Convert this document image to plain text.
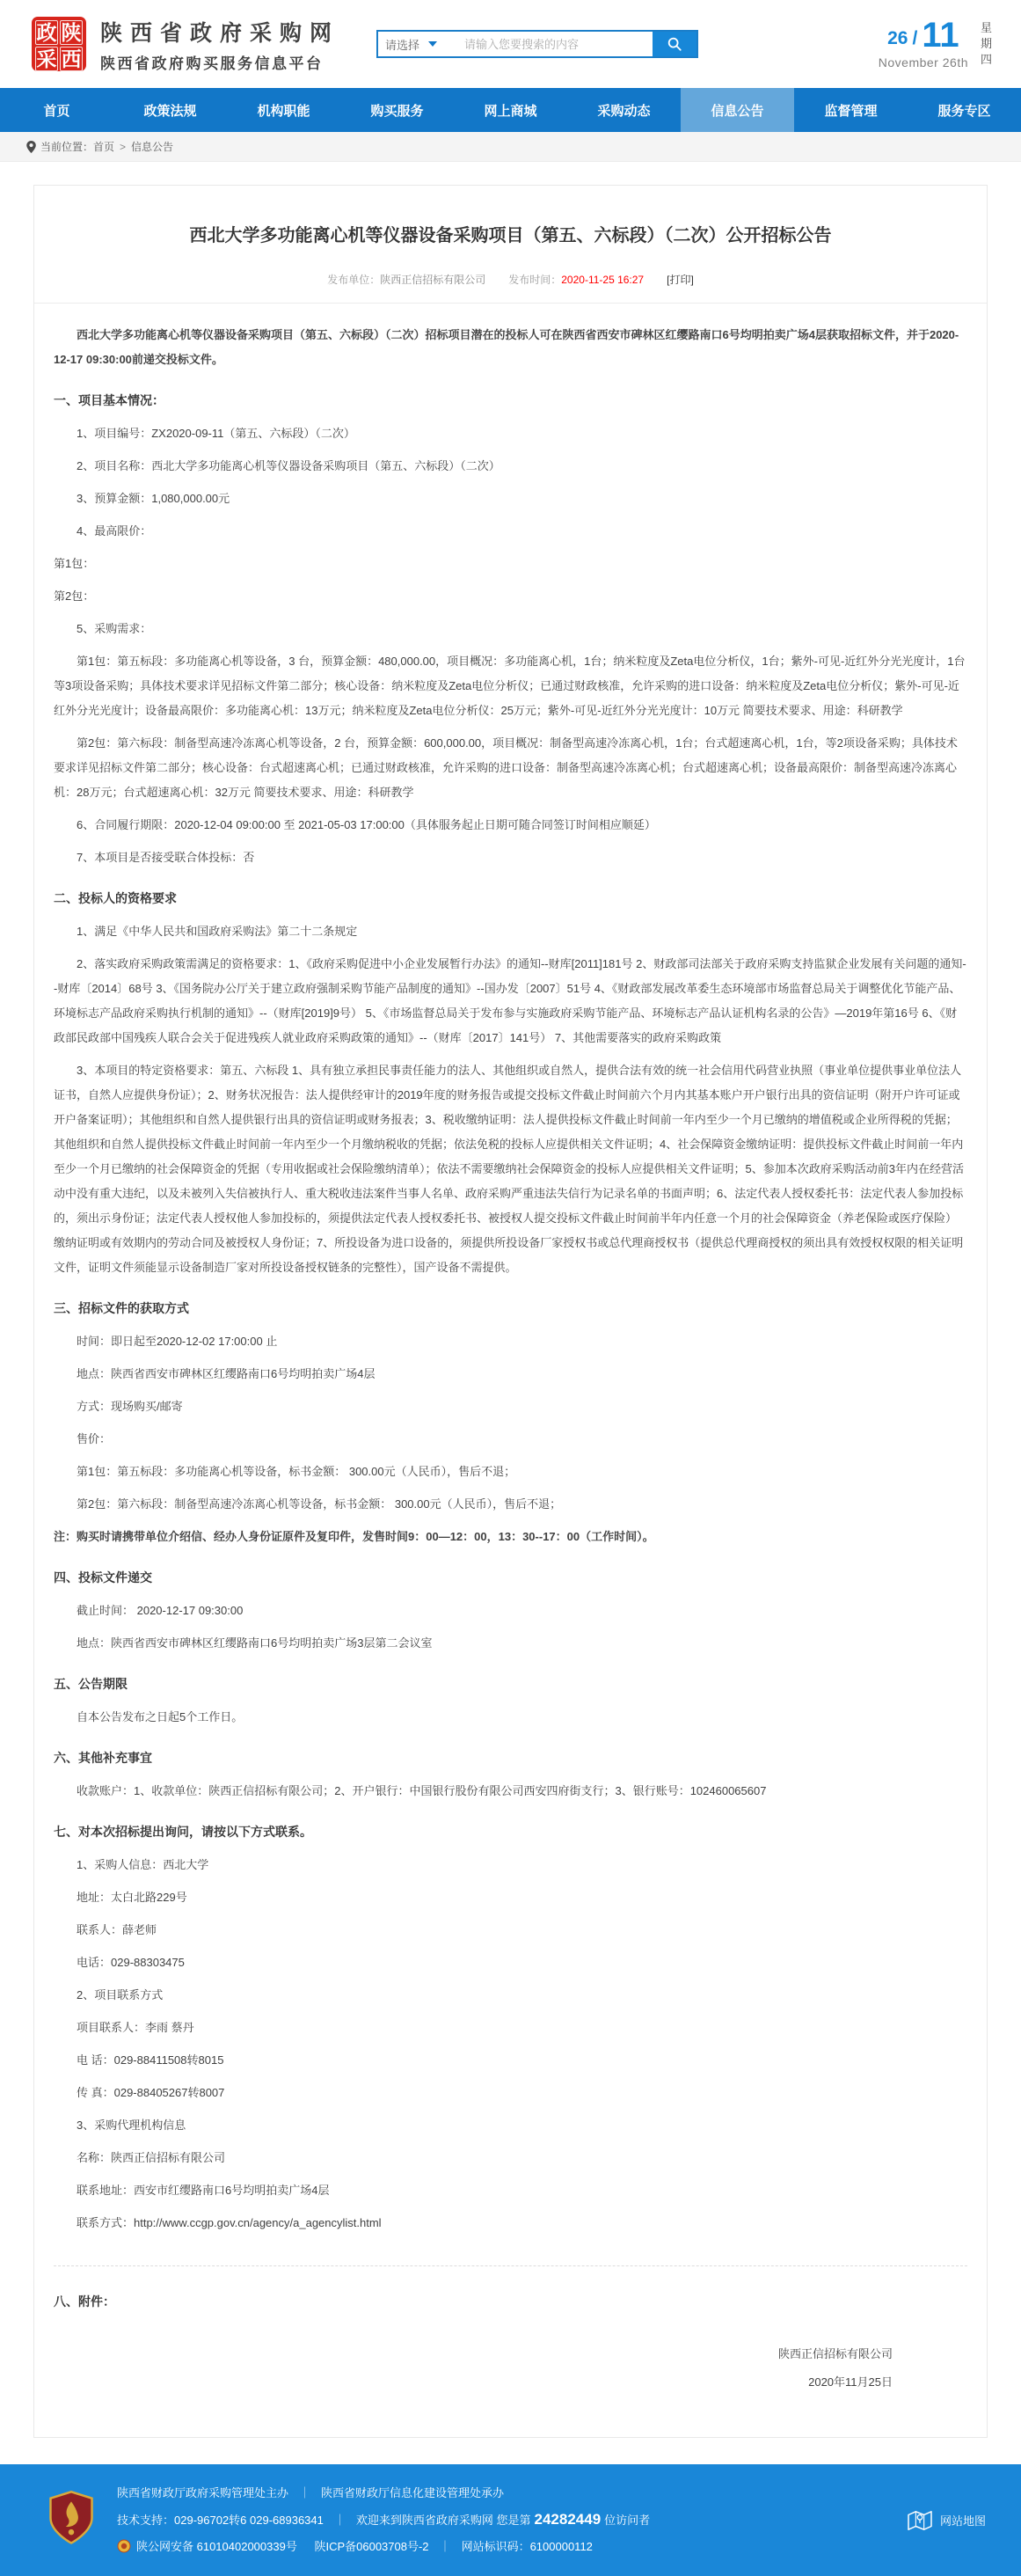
政 陕
采 西
陕西省政府采购网
陕西省政府购买服务信息平台
请选择
请输入您要搜索的内容	26 / 11
November 26th
星期四
首页	政策法规	机构职能	购买服务	网上商城	采购动态	信息公告	监督管理	服务专区
当前位置： 首页 > 信息公告
西北大学多功能离心机等仪器设备采购项目（第五、六标段）（二次）公开招标公告
发布单位：陕西正信招标有限公司 发布时间：2020-11-25 16:27 [打印]

西北大学多功能离心机等仪器设备采购项目（第五、六标段）（二次）招标项目潜在的投标人可在陕西省西安市碑林区红缨路南口6号均明拍卖广场4层获取招标文件，并于2020-12-17 09:30:00前递交投标文件。

一、项目基本情况：

1、项目编号：ZX2020-09-11（第五、六标段）（二次）

2、项目名称：西北大学多功能离心机等仪器设备采购项目（第五、六标段）（二次）

3、预算金额：1,080,000.00元

4、最高限价：

第1包：

第2包：

5、采购需求：

第1包：第五标段：多功能离心机等设备，3 台，预算金额：480,000.00，项目概况：多功能离心机，1台；纳米粒度及Zeta电位分析仪，1台；紫外-可见-近红外分光光度计，1台等3项设备采购；具体技术要求详见招标文件第二部分；核心设备：纳米粒度及Zeta电位分析仪；已通过财政核准，允许采购的进口设备：纳米粒度及Zeta电位分析仪；紫外-可见-近红外分光光度计；设备最高限价：多功能离心机：13万元；纳米粒度及Zeta电位分析仪：25万元；紫外-可见-近红外分光光度计：10万元 简要技术要求、用途：科研教学

第2包：第六标段：制备型高速冷冻离心机等设备，2 台，预算金额：600,000.00，项目概况：制备型高速冷冻离心机，1台；台式超速离心机，1台，等2项设备采购；具体技术要求详见招标文件第二部分；核心设备：台式超速离心机；已通过财政核准，允许采购的进口设备：制备型高速冷冻离心机；台式超速离心机；设备最高限价：制备型高速冷冻离心机：28万元；台式超速离心机：32万元 简要技术要求、用途：科研教学

6、合同履行期限：2020-12-04 09:00:00 至 2021-05-03 17:00:00（具体服务起止日期可随合同签订时间相应顺延）

7、本项目是否接受联合体投标：否

二、投标人的资格要求

1、满足《中华人民共和国政府采购法》第二十二条规定

2、落实政府采购政策需满足的资格要求：1、《政府采购促进中小企业发展暂行办法》的通知--财库[2011]181号 2、财政部司法部关于政府采购支持监狱企业发展有关问题的通知--财库〔2014〕68号 3、《国务院办公厅关于建立政府强制采购节能产品制度的通知》--国办发〔2007〕51号 4、《财政部发展改革委生态环境部市场监督总局关于调整优化节能产品、环境标志产品政府采购执行机制的通知》--（财库[2019]9号） 5、《市场监督总局关于发布参与实施政府采购节能产品、环境标志产品认证机构名录的公告》—2019年第16号 6、《财政部民政部中国残疾人联合会关于促进残疾人就业政府采购政策的通知》--（财库〔2017〕141号） 7、其他需要落实的政府采购政策

3、本项目的特定资格要求：第五、六标段 1、具有独立承担民事责任能力的法人、其他组织或自然人，提供合法有效的统一社会信用代码营业执照（事业单位提供事业单位法人证书，自然人应提供身份证）；2、财务状况报告：法人提供经审计的2019年度的财务报告或提交投标文件截止时间前六个月内其基本账户开户银行出具的资信证明（附开户许可证或开户备案证明）；其他组织和自然人提供银行出具的资信证明或财务报表；3、税收缴纳证明：法人提供投标文件截止时间前一年内至少一个月已缴纳的增值税或企业所得税的凭据；其他组织和自然人提供投标文件截止时间前一年内至少一个月缴纳税收的凭据；依法免税的投标人应提供相关文件证明；4、社会保障资金缴纳证明：提供投标文件截止时间前一年内至少一个月已缴纳的社会保障资金的凭据（专用收据或社会保险缴纳清单）；依法不需要缴纳社会保障资金的投标人应提供相关文件证明；5、参加本次政府采购活动前3年内在经营活动中没有重大违纪，以及未被列入失信被执行人、重大税收违法案件当事人名单、政府采购严重违法失信行为记录名单的书面声明；6、法定代表人授权委托书：法定代表人参加投标的，须出示身份证；法定代表人授权他人参加投标的，须提供法定代表人授权委托书、被授权人提交投标文件截止时间前半年内任意一个月的社会保障资金（养老保险或医疗保险）缴纳证明或有效期内的劳动合同及被授权人身份证；7、所投设备为进口设备的，须提供所投设备厂家授权书或总代理商授权书（提供总代理商授权的须出具有效授权权限的相关证明文件，证明文件须能显示设备制造厂家对所投设备授权链条的完整性），国产设备不需提供。

三、招标文件的获取方式

时间：即日起至2020-12-02 17:00:00 止

地点：陕西省西安市碑林区红缨路南口6号均明拍卖广场4层

方式：现场购买/邮寄

售价：

第1包：第五标段：多功能离心机等设备，标书金额： 300.00元（人民币），售后不退；

第2包：第六标段：制备型高速冷冻离心机等设备，标书金额： 300.00元（人民币），售后不退；

注：购买时请携带单位介绍信、经办人身份证原件及复印件，发售时间9：00—12：00，13：30--17：00（工作时间）。

四、投标文件递交

截止时间： 2020-12-17 09:30:00

地点：陕西省西安市碑林区红缨路南口6号均明拍卖广场3层第二会议室

五、公告期限

自本公告发布之日起5个工作日。

六、其他补充事宜

收款账户：1、收款单位：陕西正信招标有限公司；2、开户银行：中国银行股份有限公司西安四府街支行；3、银行账号：102460065607

七、对本次招标提出询问，请按以下方式联系。

1、采购人信息：西北大学

地址：太白北路229号

联系人：薛老师

电话：029-88303475

2、项目联系方式

项目联系人：李雨 蔡丹

电 话：029-88411508转8015

传 真：029-88405267转8007

3、采购代理机构信息

名称：陕西正信招标有限公司

联系地址：西安市红缨路南口6号均明拍卖广场4层

联系方式：http://www.ccgp.gov.cn/agency/a_agencylist.html

八、附件：

陕西正信招标有限公司
2020年11月25日
陕西省财政厅政府采购管理处主办 ｜ 陕西省财政厅信息化建设管理处承办
技术支持：029-96702转6 029-68936341 ｜ 欢迎来到陕西省政府采购网 您是第 24282449 位访问者
陕公网安备 61010402000339号 陕ICP备06003708号-2 ｜ 网站标识码：6100000112
网站地图
